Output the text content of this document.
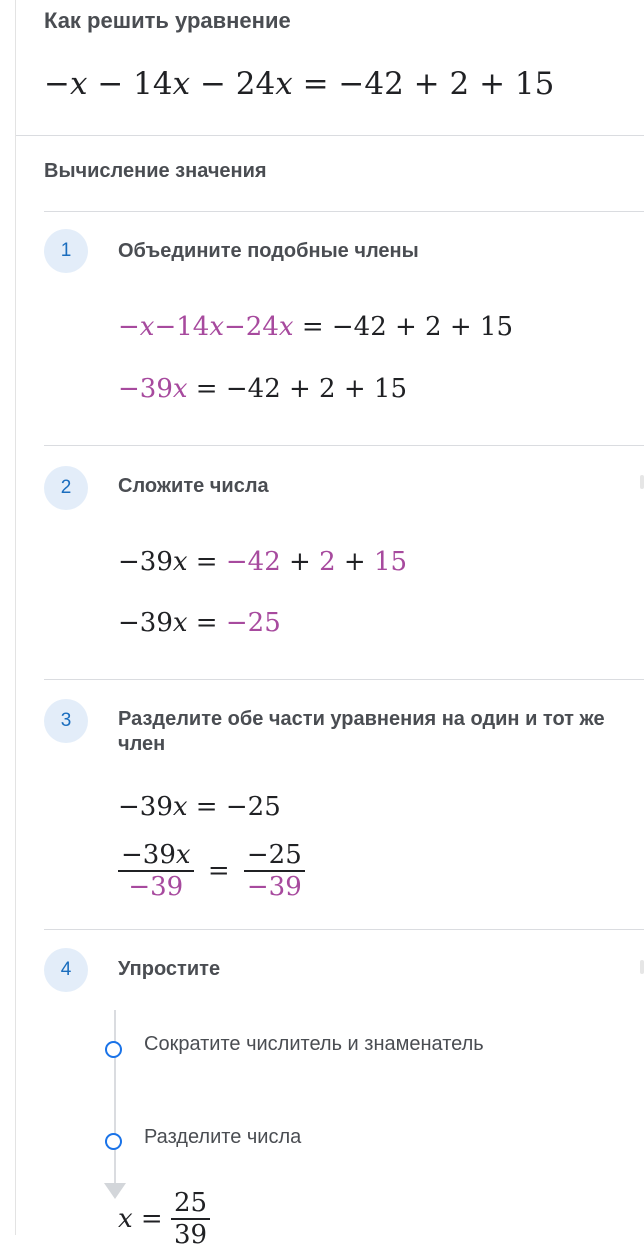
Как решить уравнение
−x − 14x − 24x = −42 + 2 + 15
Вычисление значения
1	Объедините подобные члены
−x−14x−24x = −42 + 2 + 15
−39x = −42 + 2 + 15
2	Сложите числа
−39x = −42 + 2 + 15
−39x = −25
3	Разделите обе части уравнения на один и тот же член
−39x = −25
$\frac{-39x}{-39} = \frac{-25}{-39}$
4	Упростите
Сократите числитель и знаменатель
Разделите числа
$x = \frac{25}{39}$
